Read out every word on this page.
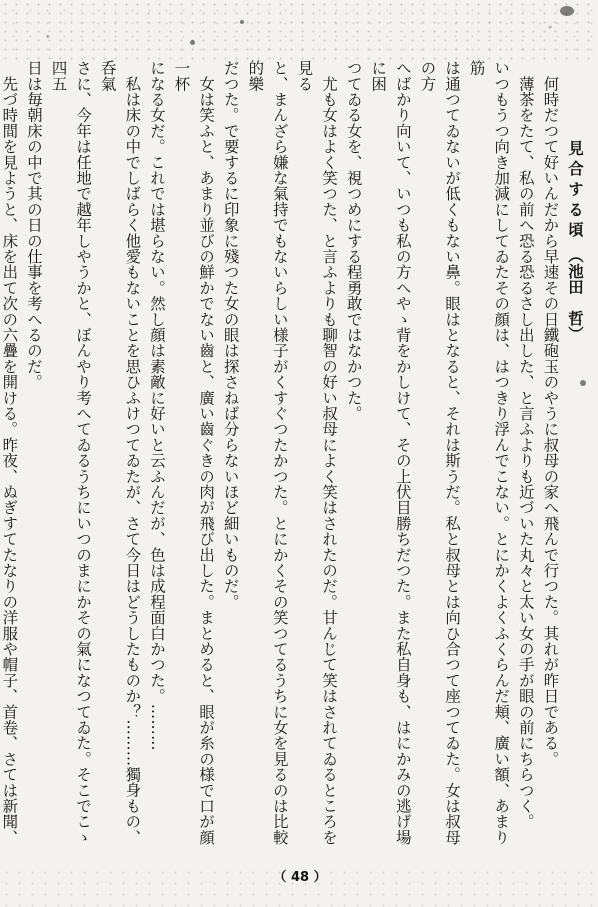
見合する頃 （池田　哲）

　何時だつて好いんだから早速その日鐵砲玉のやうに叔母の家へ飛んで行つた。其れが昨日である。

　薄茶をたて、私の前へ恐る恐るさし出した、と言ふよりも近づいた丸々と太い女の手が眼の前にちらつく。

いつもうつ向き加減にしてゐたその顔は、はつきり浮んでこない。とにかくよくふくらんだ頬、廣い額、あまり筋

は通つてゐないが低くもない鼻。眼はとなると、それは斯うだ。私と叔母とは向ひ合つて座つてゐた。女は叔母の方

へばかり向いて、いつも私の方へやゝ背をかしけて、その上伏目勝ちだつた。また私自身も、はにかみの逃げ場に困

つてゐる女を、視つめにする程勇敢ではなかつた。

　尤も女はよく笑つた、と言ふよりも聊智の好い叔母によく笑はされたのだ。甘んじて笑はされてゐるところを見る

と、まんざら嫌な氣持でもないらしい様子がくすぐつたかつた。とにかくその笑つてるうちに女を見るのは比較的樂

だつた。で要するに印象に殘つた女の眼は探さねば分らないほど細いものだ。

　女は笑ふと、あまり並びの鮮かでない齒と、廣い齒ぐきの肉が飛び出した。まとめると、眼が糸の様で口が顔一杯

になる女だ。これでは堪らない。然し顔は素敵に好いと云ふんだが、色は成程面白かつた。………

　私は床の中でしばらく他愛もないことを思ひふけつてゐたが、さて今日はどうしたものか？………獨身もの、呑氣

さに、今年は任地で越年しやうかと、ぼんやり考へてゐるうちにいつのまにかその氣になつてゐた。そこでこゝ四五

日は毎朝床の中で其の日の仕事を考へるのだ。

　先づ時間を見ようと、床を出て次の六疊を開ける。昨夜、ぬぎすてたなりの洋服や帽子、首卷、さては新聞、

（ 48 ）
